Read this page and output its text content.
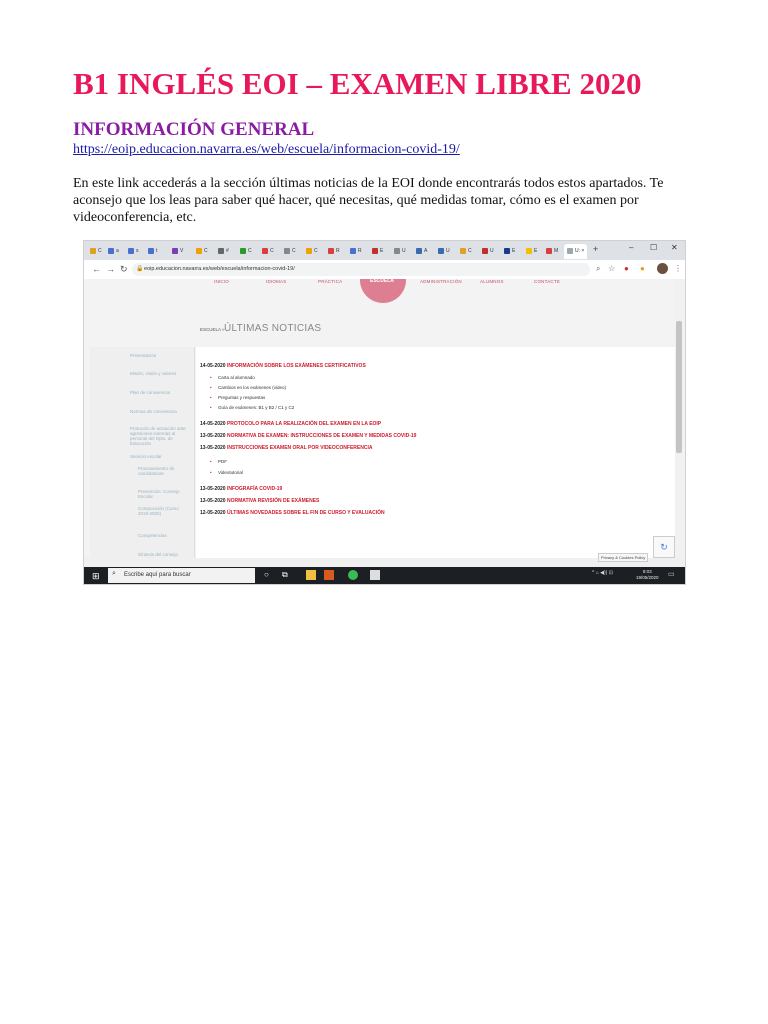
B1 INGLÉS EOI – EXAMEN LIBRE 2020
INFORMACIÓN GENERAL
https://eoip.educacion.navarra.es/web/escuela/informacion-covid-19/

En este link accederás a la sección últimas noticias de la EOI donde encontrarás todos estos apartados. Te aconsejo que los leas para saber qué hacer, qué necesitas, qué medidas tomar, cómo es el examen por videoconferencia, etc.

C	a	s	t	V	C	#	C	C	C	C	R	R	E	U	A	U	C	U	E	E	M	U: × +	– ☐ ✕
← → ↻ 🔒 eoip.educacion.navarra.es/web/escuela/informacion-covid-19/	⌕ ☆ ● ●	⋮
INICIO	IDIOMAS	PRÁCTICA	ESCUELA	ADMINISTRACIÓN	ALUMNOS	CONTACTE
ESCUELA » ÚLTIMAS NOTICIAS
Presentación
Misión, visión y valores
Plan de convivencia
Normas de convivencia
Protocolo de actuación ante agresiones externas al personal del Dpto. de Educación
Servicio escolar
Procesamiento de candidaturas
Prevención: Consejo Escolar
Composición (Curso 2019-2020)
Competencias
Síntesis del consejo
14-05-2020 INFORMACIÓN SOBRE LOS EXÁMENES CERTIFICATIVOS
• Carta al alumnado
• Cambios en los exámenes (video)
• Preguntas y respuestas
• Guía de exámenes: B1 y B2 / C1 y C2
14-05-2020 PROTOCOLO PARA LA REALIZACIÓN DEL EXAMEN EN LA EOIP
13-05-2020 NORMATIVA DE EXAMEN: INSTRUCCIONES DE EXAMEN Y MEDIDAS COVID-19
13-05-2020 INSTRUCCIONES EXAMEN ORAL POR VIDEOCONFERENCIA
• PDF
• Videotutorial
13-05-2020 INFOGRAFÍA COVID-19
13-05-2020 NORMATIVA REVISIÓN DE EXÁMENES
12-05-2020 ÚLTIMAS NOVEDADES SOBRE EL FIN DE CURSO Y EVALUACIÓN
Privacy & Cookies Policy
↻
⊞ ⌕ Escribe aquí para buscar	○	⧉	^ ⌂ ◀)) ⊡	8:03
19/05/2020 ▭
